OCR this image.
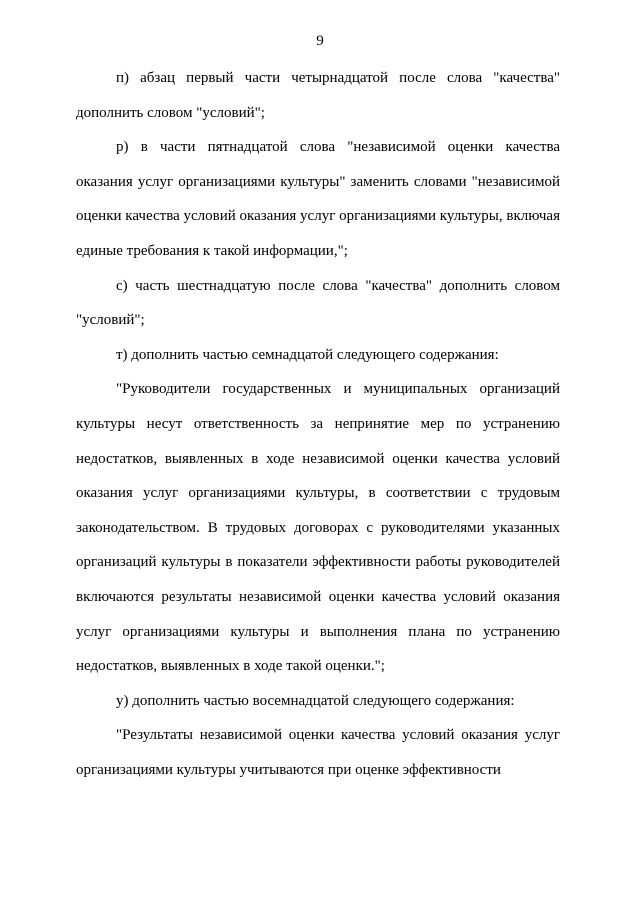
9

п) абзац первый части четырнадцатой после слова "качества" дополнить словом "условий";

р) в части пятнадцатой слова "независимой оценки качества оказания услуг организациями культуры" заменить словами "независимой оценки качества условий оказания услуг организациями культуры, включая единые требования к такой информации,";

с) часть шестнадцатую после слова "качества" дополнить словом "условий";

т) дополнить частью семнадцатой следующего содержания:

"Руководители государственных и муниципальных организаций культуры несут ответственность за непринятие мер по устранению недостатков, выявленных в ходе независимой оценки качества условий оказания услуг организациями культуры, в соответствии с трудовым законодательством. В трудовых договорах с руководителями указанных организаций культуры в показатели эффективности работы руководителей включаются результаты независимой оценки качества условий оказания услуг организациями культуры и выполнения плана по устранению недостатков, выявленных в ходе такой оценки.";

у) дополнить частью восемнадцатой следующего содержания:

"Результаты независимой оценки качества условий оказания услуг организациями культуры учитываются при оценке эффективности
